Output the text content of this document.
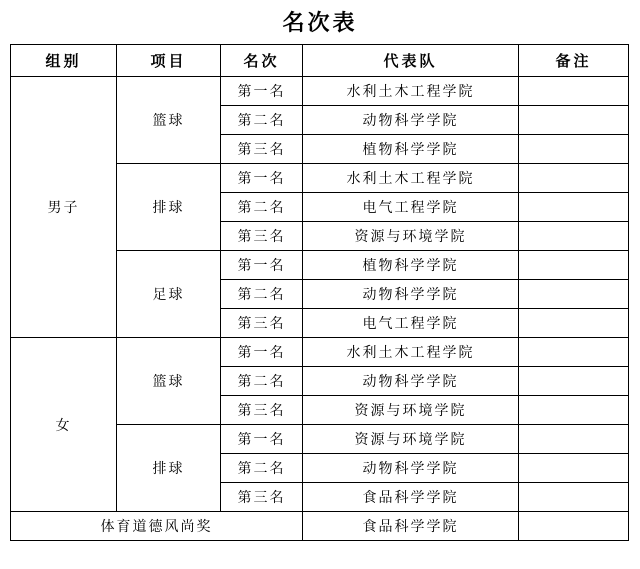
名次表
组别	项目	名次	代表队	备注
男子	篮球	第一名	水利土木工程学院	
		第二名	动物科学学院	
		第三名	植物科学学院	
	排球	第一名	水利土木工程学院	
		第二名	电气工程学院	
		第三名	资源与环境学院	
	足球	第一名	植物科学学院	
		第二名	动物科学学院	
		第三名	电气工程学院	
女	篮球	第一名	水利土木工程学院	
		第二名	动物科学学院	
		第三名	资源与环境学院	
	排球	第一名	资源与环境学院	
		第二名	动物科学学院	
		第三名	食品科学学院	
体育道德风尚奖			食品科学学院	
